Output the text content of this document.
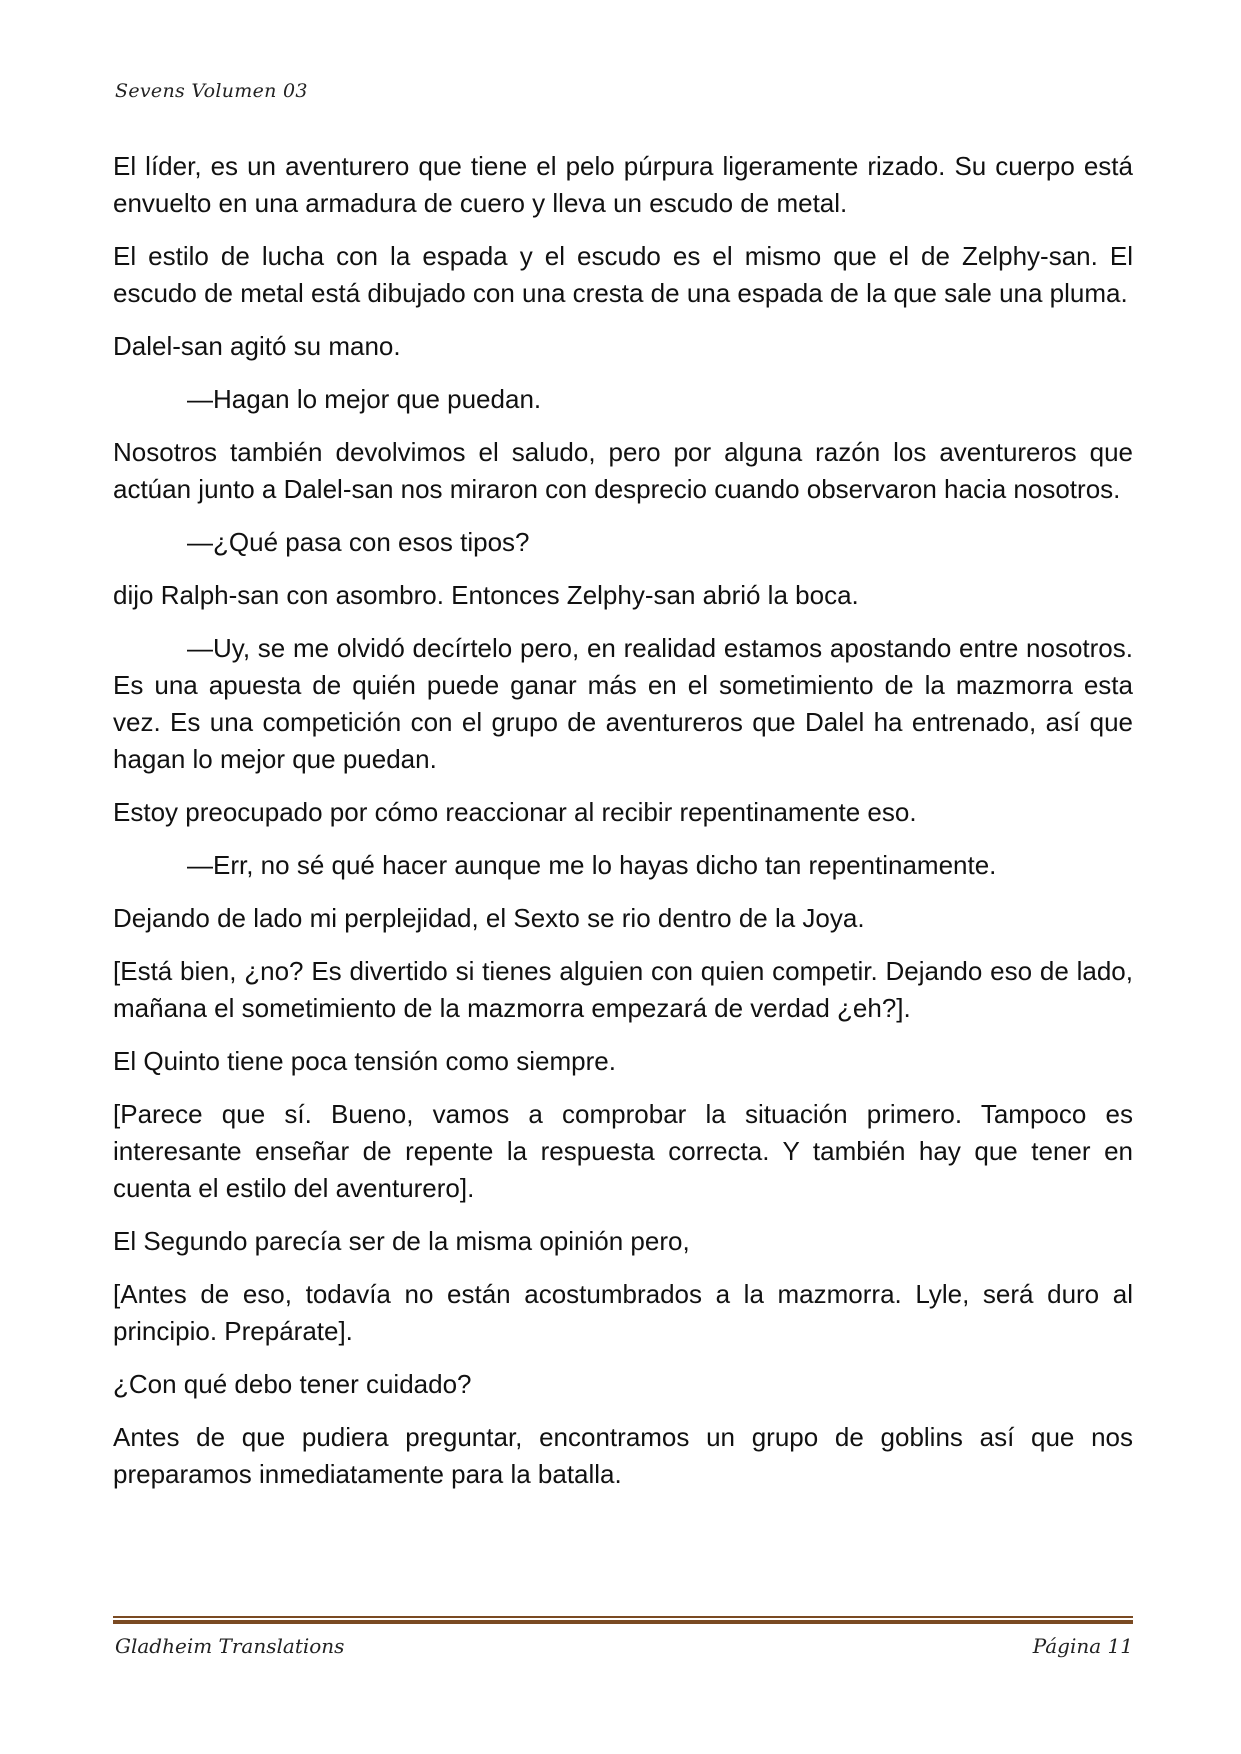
Sevens Volumen 03

El líder, es un aventurero que tiene el pelo púrpura ligeramente rizado. Su cuerpo está envuelto en una armadura de cuero y lleva un escudo de metal.

El estilo de lucha con la espada y el escudo es el mismo que el de Zelphy-san. El escudo de metal está dibujado con una cresta de una espada de la que sale una pluma.

Dalel-san agitó su mano.

—Hagan lo mejor que puedan.

Nosotros también devolvimos el saludo, pero por alguna razón los aventureros que actúan junto a Dalel-san nos miraron con desprecio cuando observaron hacia nosotros.

—¿Qué pasa con esos tipos?

dijo Ralph-san con asombro. Entonces Zelphy-san abrió la boca.

—Uy, se me olvidó decírtelo pero, en realidad estamos apostando entre nosotros. Es una apuesta de quién puede ganar más en el sometimiento de la mazmorra esta vez. Es una competición con el grupo de aventureros que Dalel ha entrenado, así que hagan lo mejor que puedan.

Estoy preocupado por cómo reaccionar al recibir repentinamente eso.

—Err, no sé qué hacer aunque me lo hayas dicho tan repentinamente.

Dejando de lado mi perplejidad, el Sexto se rio dentro de la Joya.

[Está bien, ¿no? Es divertido si tienes alguien con quien competir. Dejando eso de lado, mañana el sometimiento de la mazmorra empezará de verdad ¿eh?].

El Quinto tiene poca tensión como siempre.

[Parece que sí. Bueno, vamos a comprobar la situación primero. Tampoco es interesante enseñar de repente la respuesta correcta. Y también hay que tener en cuenta el estilo del aventurero].

El Segundo parecía ser de la misma opinión pero,

[Antes de eso, todavía no están acostumbrados a la mazmorra. Lyle, será duro al principio. Prepárate].

¿Con qué debo tener cuidado?

Antes de que pudiera preguntar, encontramos un grupo de goblins así que nos preparamos inmediatamente para la batalla.

Gladheim Translations	Página 11
